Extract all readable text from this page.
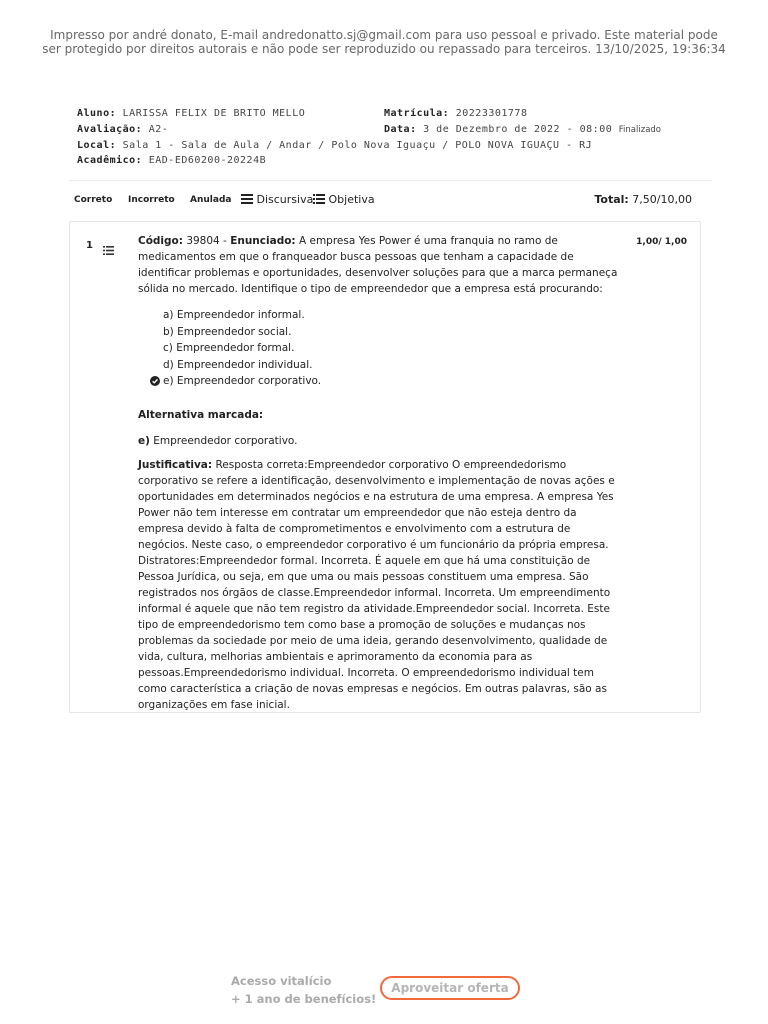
Impresso por andré donato, E-mail andredonatto.sj@gmail.com para uso pessoal e privado. Este material pode ser protegido por direitos autorais e não pode ser reproduzido ou repassado para terceiros. 13/10/2025, 19:36:34
Aluno: LARISSA FELIX DE BRITO MELLO	Matrícula: 20223301778
Avaliação: A2-	Data: 3 de Dezembro de 2022 - 08:00 Finalizado
Local: Sala 1 - Sala de Aula / Andar / Polo Nova Iguaçu / POLO NOVA IGUAÇU - RJ
Acadêmico: EAD-ED60200-20224B
Correto Incorreto Anulada	Discursiva	Objetiva	Total: 7,50/10,00
1	1,00/ 1,00
Código: 39804 - Enunciado: A empresa Yes Power é uma franquia no ramo de medicamentos em que o franqueador busca pessoas que tenham a capacidade de identificar problemas e oportunidades, desenvolver soluções para que a marca permaneça sólida no mercado. Identifique o tipo de empreendedor que a empresa está procurando:
a) Empreendedor informal.
b) Empreendedor social.
c) Empreendedor formal.
d) Empreendedor individual.
e) Empreendedor corporativo.
Alternativa marcada:
e) Empreendedor corporativo.
Justificativa: Resposta correta:Empreendedor corporativo O empreendedorismo corporativo se refere a identificação, desenvolvimento e implementação de novas ações e oportunidades em determinados negócios e na estrutura de uma empresa. A empresa Yes Power não tem interesse em contratar um empreendedor que não esteja dentro da empresa devido à falta de comprometimentos e envolvimento com a estrutura de negócios. Neste caso, o empreendedor corporativo é um funcionário da própria empresa.
Distratores:Empreendedor formal. Incorreta. É aquele em que há uma constituição de Pessoa Jurídica, ou seja, em que uma ou mais pessoas constituem uma empresa. São registrados nos órgãos de classe.Empreendedor informal. Incorreta. Um empreendimento informal é aquele que não tem registro da atividade.Empreendedor social. Incorreta. Este tipo de empreendedorismo tem como base a promoção de soluções e mudanças nos problemas da sociedade por meio de uma ideia, gerando desenvolvimento, qualidade de vida, cultura, melhorias ambientais e aprimoramento da economia para as pessoas.Empreendedorismo individual. Incorreta. O empreendedorismo individual tem como característica a criação de novas empresas e negócios. Em outras palavras, são as organizações em fase inicial.
Acesso vitalício
+ 1 ano de benefícios!
Aproveitar oferta
